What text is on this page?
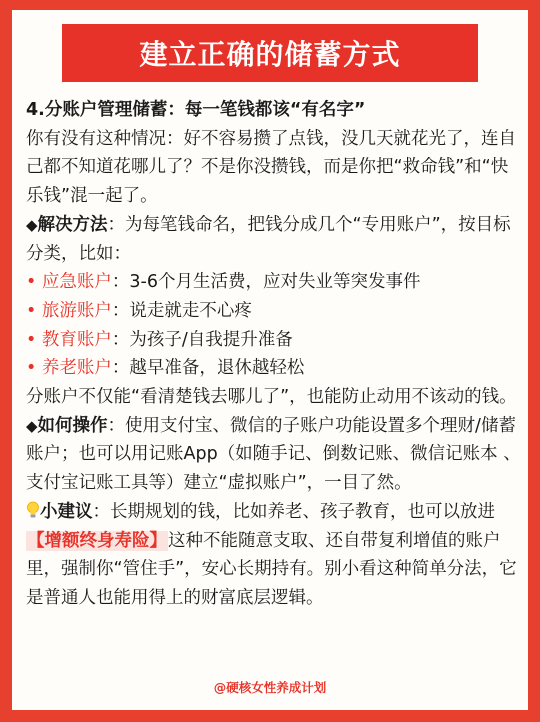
建立正确的储蓄方式

4.分账户管理储蓄：每一笔钱都该“有名字”

你有没有这种情况：好不容易攒了点钱，没几天就花光了，连自己都不知道花哪儿了？不是你没攒钱，而是你把“救命钱”和“快乐钱”混一起了。

◆解决方法：为每笔钱命名，把钱分成几个“专用账户”，按目标分类，比如：

• 应急账户：3-6个月生活费，应对失业等突发事件

• 旅游账户：说走就走不心疼

• 教育账户：为孩子/自我提升准备

• 养老账户：越早准备，退休越轻松

分账户不仅能“看清楚钱去哪儿了”，也能防止动用不该动的钱。

◆如何操作：使用支付宝、微信的子账户功能设置多个理财/储蓄账户；也可以用记账App（如随手记、倒数记账、微信记账本 、 支付宝记账工具等）建立“虚拟账户”，一目了然。

小建议：长期规划的钱，比如养老、孩子教育，也可以放进【增额终身寿险】这种不能随意支取、还自带复利增值的账户里，强制你“管住手”，安心长期持有。别小看这种简单分法，它是普通人也能用得上的财富底层逻辑。

@硬核女性养成计划
